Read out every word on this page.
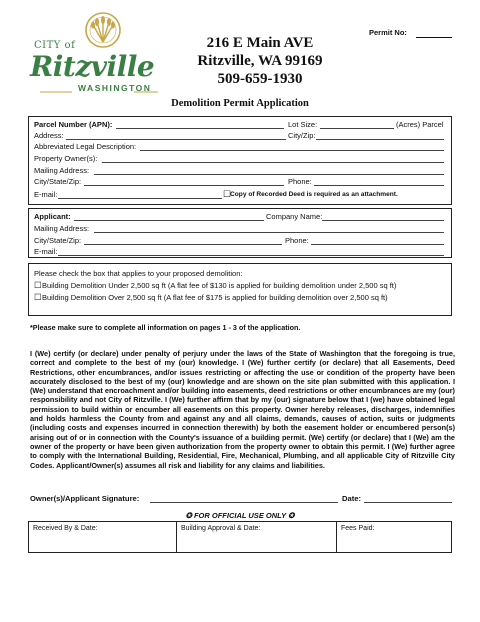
CITY of
Ritzville
WASHINGTON
216 E Main AVE
Ritzville, WA 99169
509-659-1930
Permit No:
Demolition Permit Application
Parcel Number (APN):	Lot Size:	(Acres) Parcel
Address:	City/Zip:
Abbreviated Legal Description:
Property Owner(s):
Mailing Address:
City/State/Zip:	Phone:
E-mail:	☐
Copy of Recorded Deed is required as an attachment.
Applicant:	Company Name:
Mailing Address:
City/State/Zip:	Phone:
E-mail:
Please check the box that applies to your proposed demolition:
☐ Building Demolition Under 2,500 sq ft (A flat fee of $130 is applied for building demolition under 2,500 sq ft)
☐ Building Demolition Over 2,500 sq ft (A flat fee of $175 is applied for building demolition over 2,500 sq ft)
*Please make sure to complete all information on pages 1 - 3 of the application.
I (We) certify (or declare) under penalty of perjury under the laws of the State of Washington that the foregoing is true, correct and complete to the best of my (our) knowledge. I (We) further certify (or declare) that all Easements, Deed Restrictions, other encumbrances, and/or issues restricting or affecting the use or condition of the property have been accurately disclosed to the best of my (our) knowledge and are shown on the site plan submitted with this application. I (We) understand that encroachment and/or building into easements, deed restrictions or other encumbrances are my (our) responsibility and not City of Ritzville. I (We) further affirm that by my (our) signature below that I (we) have obtained legal permission to build within or encumber all easements on this property. Owner hereby releases, discharges, indemnifies and holds harmless the County from and against any and all claims, demands, causes of action, suits or judgments (including costs and expenses incurred in connection therewith) by both the easement holder or encumbered person(s) arising out of or in connection with the County's issuance of a building permit. (We) certify (or declare) that I (We) am the owner of the property or have been given authorization from the property owner to obtain this permit. I (We) further agree to comply with the International Building, Residential, Fire, Mechanical, Plumbing, and all applicable City of Ritzville City Codes. Applicant/Owner(s) assumes all risk and liability for any claims and liabilities.
Owner(s)/Applicant Signature:	Date:
✪ FOR OFFICIAL USE ONLY ✪
Received By & Date:	Building Approval & Date:	Fees Paid:
